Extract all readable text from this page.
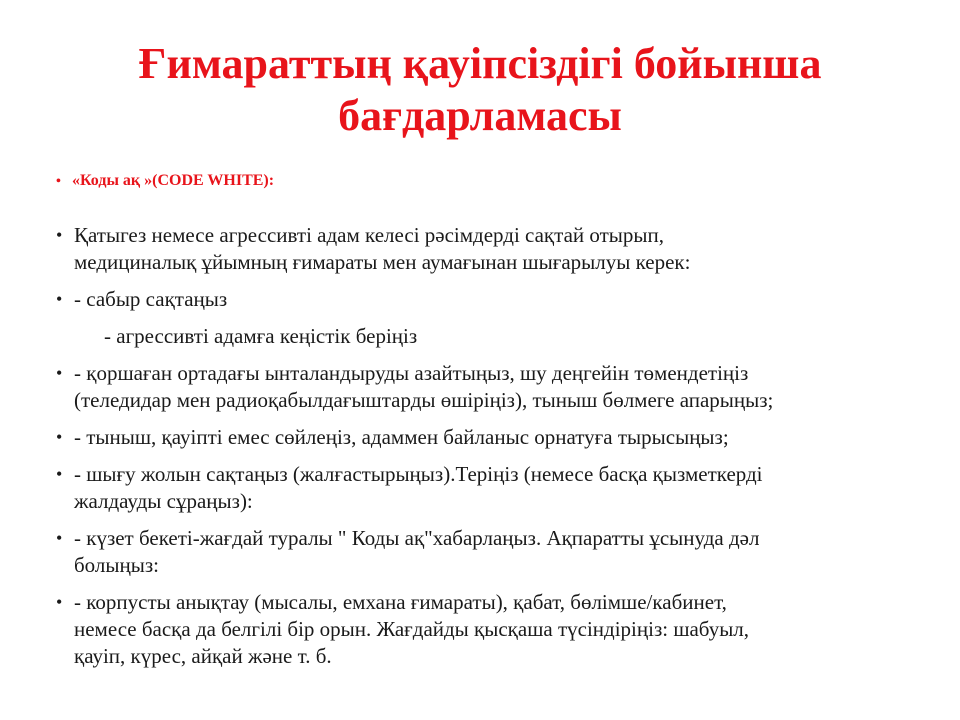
Ғимараттың қауіпсіздігі бойынша
бағдарламасы
• «Коды ақ »(CODE WHITE):
• Қатыгез немесе агрессивті адам келесі рәсімдерді сақтай отырып,
медициналық ұйымның ғимараты мен аумағынан шығарылуы керек:
• - сабыр сақтаңыз
- агрессивті адамға кеңістік беріңіз
• - қоршаған ортадағы ынталандыруды азайтыңыз, шу деңгейін төмендетіңіз
(теледидар мен радиоқабылдағыштарды өшіріңіз), тыныш бөлмеге апарыңыз;
• - тыныш, қауіпті емес сөйлеңіз, адаммен байланыс орнатуға тырысыңыз;
• - шығу жолын сақтаңыз (жалғастырыңыз).Теріңіз (немесе басқа қызметкерді
жалдауды сұраңыз):
• - күзет бекеті-жағдай туралы " Коды ақ"хабарлаңыз. Ақпаратты ұсынуда дәл
болыңыз:
• - корпусты анықтау (мысалы, емхана ғимараты), қабат, бөлімше/кабинет,
немесе басқа да белгілі бір орын. Жағдайды қысқаша түсіндіріңіз: шабуыл,
қауіп, күрес, айқай және т. б.
